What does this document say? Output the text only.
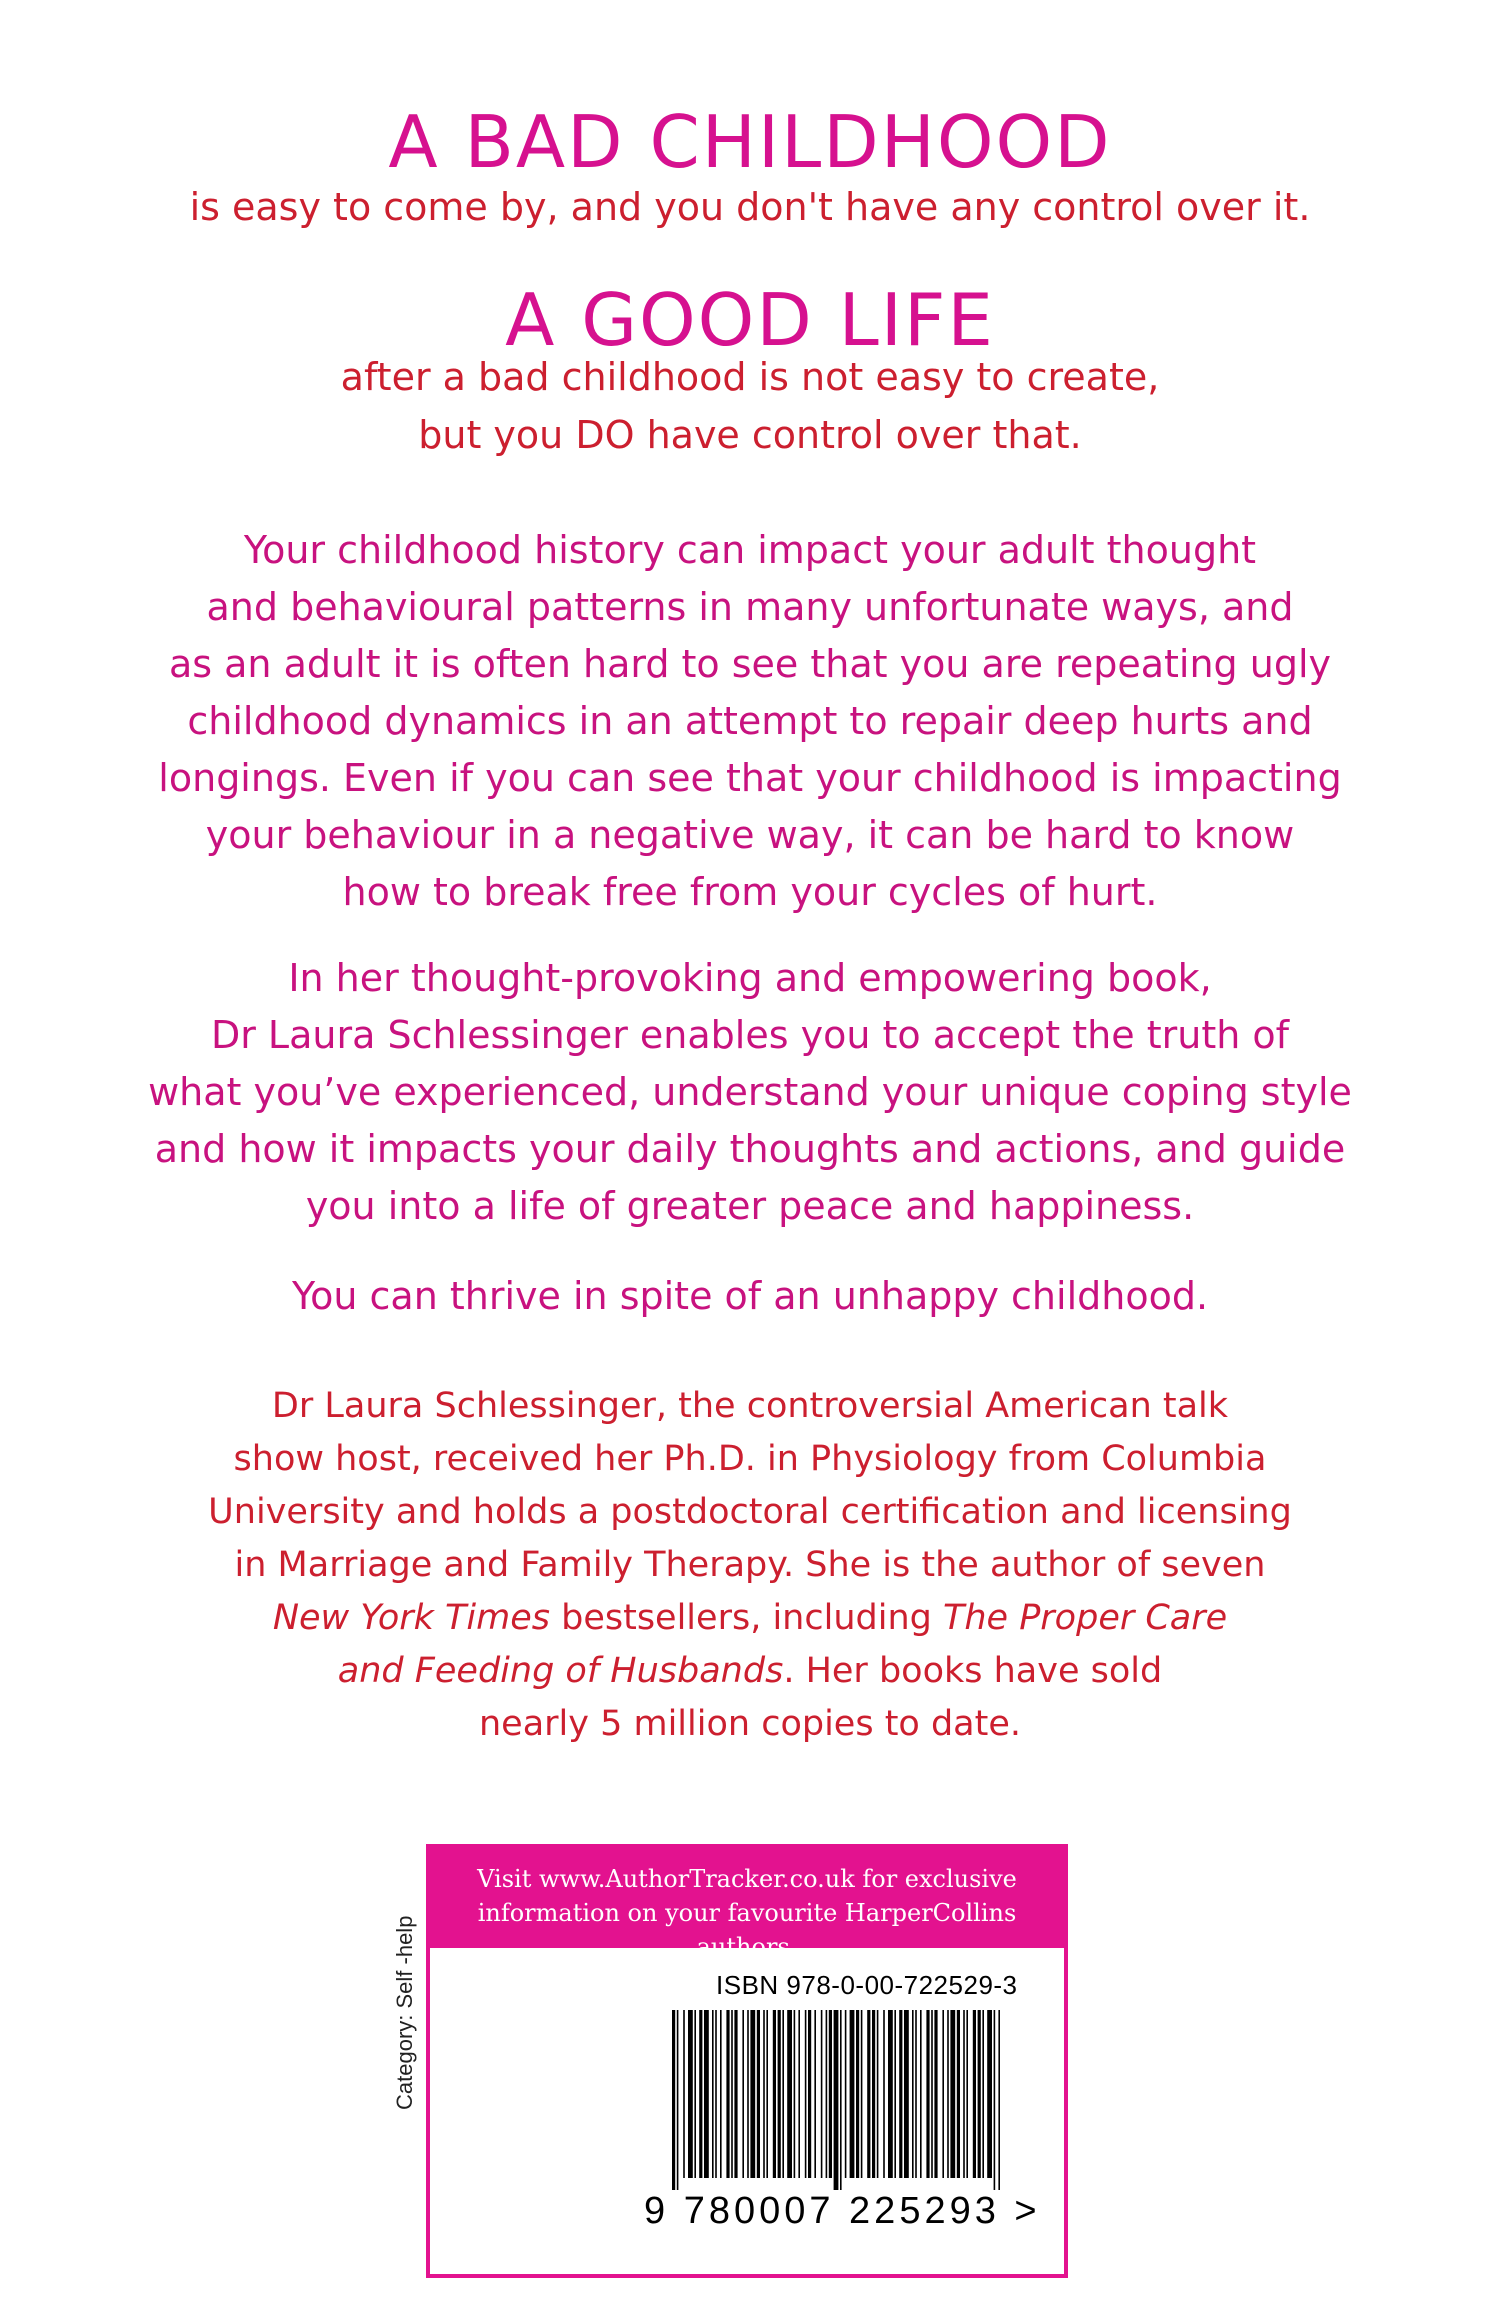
A BAD CHILDHOOD

is easy to come by, and you don't have any control over it.

A GOOD LIFE

after a bad childhood is not easy to create,

but you DO have control over that.

Your childhood history can impact your adult thought

and behavioural patterns in many unfortunate ways, and

as an adult it is often hard to see that you are repeating ugly

childhood dynamics in an attempt to repair deep hurts and

longings. Even if you can see that your childhood is impacting

your behaviour in a negative way, it can be hard to know

how to break free from your cycles of hurt.

In her thought-provoking and empowering book,

Dr Laura Schlessinger enables you to accept the truth of

what you’ve experienced, understand your unique coping style

and how it impacts your daily thoughts and actions, and guide

you into a life of greater peace and happiness.

You can thrive in spite of an unhappy childhood.

Dr Laura Schlessinger, the controversial American talk

show host, received her Ph.D. in Physiology from Columbia

University and holds a postdoctoral certification and licensing

in Marriage and Family Therapy. She is the author of seven

New York Times bestsellers, including The Proper Care

and Feeding of Husbands. Her books have sold

nearly 5 million copies to date.

Category: Self -help
Visit www.AuthorTracker.co.uk for exclusive
information on your favourite HarperCollins authors.
ISBN 978-0-00-722529-3
9 780007 225293 >
